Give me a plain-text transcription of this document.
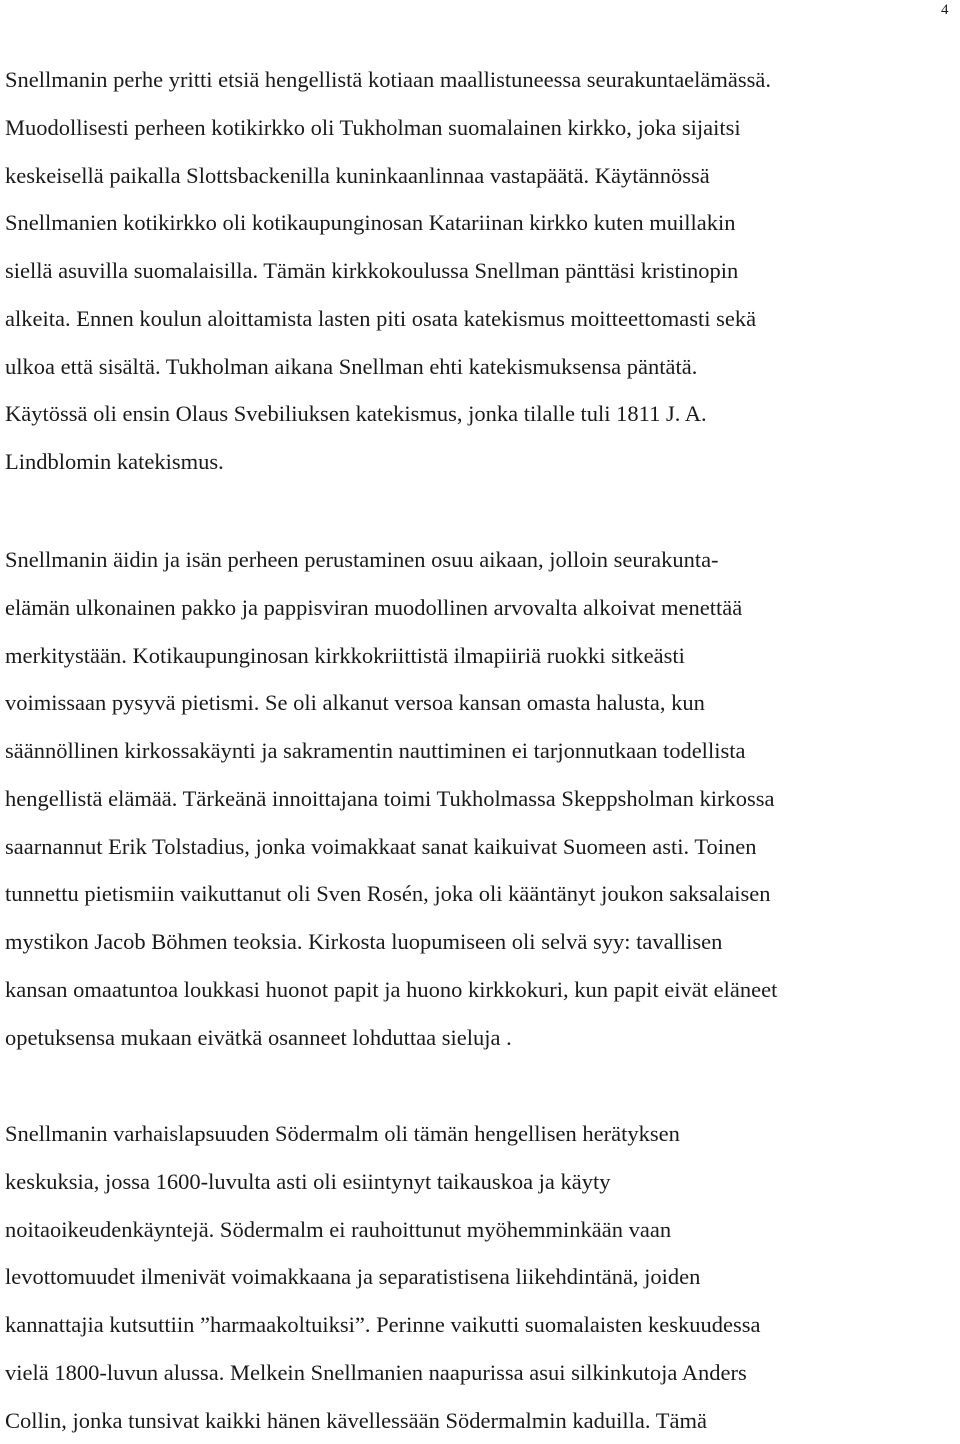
4

Snellmanin perhe yritti etsiä hengellistä kotiaan maallistuneessa seurakuntaelämässä.
Muodollisesti perheen kotikirkko oli Tukholman suomalainen kirkko, joka sijaitsi
keskeisellä paikalla Slottsbackenilla kuninkaanlinnaa vastapäätä. Käytännössä
Snellmanien kotikirkko oli kotikaupunginosan Katariinan kirkko kuten muillakin
siellä asuvilla suomalaisilla. Tämän kirkkokoulussa Snellman pänttäsi kristinopin
alkeita. Ennen koulun aloittamista lasten piti osata katekismus moitteettomasti sekä
ulkoa että sisältä. Tukholman aikana Snellman ehti katekismuksensa päntätä.
Käytössä oli ensin Olaus Svebiliuksen katekismus, jonka tilalle tuli 1811 J. A.
Lindblomin katekismus.

Snellmanin äidin ja isän perheen perustaminen osuu aikaan, jolloin seurakunta-
elämän ulkonainen pakko ja pappisviran muodollinen arvovalta alkoivat menettää
merkitystään. Kotikaupunginosan kirkkokriittistä ilmapiiriä ruokki sitkeästi
voimissaan pysyvä pietismi. Se oli alkanut versoa kansan omasta halusta, kun
säännöllinen kirkossakäynti ja sakramentin nauttiminen ei tarjonnutkaan todellista
hengellistä elämää. Tärkeänä innoittajana toimi Tukholmassa Skeppsholman kirkossa
saarnannut Erik Tolstadius, jonka voimakkaat sanat kaikuivat Suomeen asti. Toinen
tunnettu pietismiin vaikuttanut oli Sven Rosén, joka oli kääntänyt joukon saksalaisen
mystikon Jacob Böhmen teoksia. Kirkosta luopumiseen oli selvä syy: tavallisen
kansan omaatuntoa loukkasi huonot papit ja huono kirkkokuri, kun papit eivät eläneet
opetuksensa mukaan eivätkä osanneet lohduttaa sieluja .

Snellmanin varhaislapsuuden Södermalm oli tämän hengellisen herätyksen
keskuksia, jossa 1600-luvulta asti oli esiintynyt taikauskoa ja käyty
noitaoikeudenkäyntejä. Södermalm ei rauhoittunut myöhemminkään vaan
levottomuudet ilmenivät voimakkaana ja separatistisena liikehdintänä, joiden
kannattajia kutsuttiin ”harmaakoltuiksi”. Perinne vaikutti suomalaisten keskuudessa
vielä 1800-luvun alussa. Melkein Snellmanien naapurissa asui silkinkutoja Anders
Collin, jonka tunsivat kaikki hänen kävellessään Södermalmin kaduilla. Tämä
